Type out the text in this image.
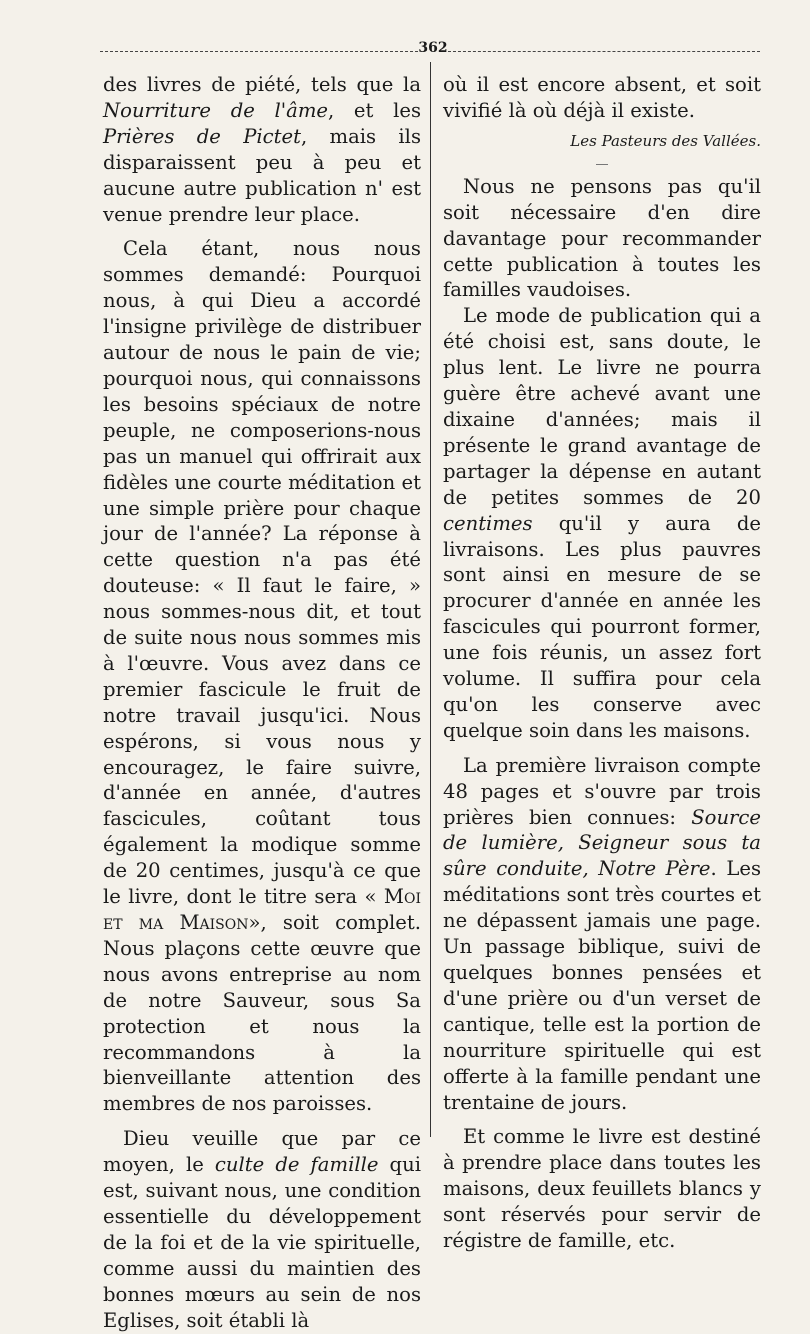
362

des livres de piété, tels que la Nourriture de l'âme, et les Prières de Pictet, mais ils disparaissent peu à peu et aucune autre publication n' est venue prendre leur place.

Cela étant, nous nous sommes demandé: Pourquoi nous, à qui Dieu a accordé l'insigne privilège de distribuer autour de nous le pain de vie; pourquoi nous, qui connaissons les besoins spéciaux de notre peuple, ne composerions-nous pas un manuel qui offrirait aux fidèles une courte méditation et une simple prière pour chaque jour de l'année? La réponse à cette question n'a pas été douteuse: « Il faut le faire, » nous sommes-nous dit, et tout de suite nous nous sommes mis à l'œuvre. Vous avez dans ce premier fascicule le fruit de notre travail jusqu'ici. Nous espérons, si vous nous y encouragez, le faire suivre, d'année en année, d'autres fascicules, coûtant tous également la modique somme de 20 centimes, jusqu'à ce que le livre, dont le titre sera « Moi et ma Maison», soit complet. Nous plaçons cette œuvre que nous avons entreprise au nom de notre Sauveur, sous Sa protection et nous la recommandons à la bienveillante attention des membres de nos paroisses.

Dieu veuille que par ce moyen, le culte de famille qui est, suivant nous, une condition essentielle du développement de la foi et de la vie spirituelle, comme aussi du maintien des bonnes mœurs au sein de nos Eglises, soit établi là

où il est encore absent, et soit vivifié là où déjà il existe.

Les Pasteurs des Vallées.

Nous ne pensons pas qu'il soit nécessaire d'en dire davantage pour recommander cette publication à toutes les familles vaudoises.

Le mode de publication qui a été choisi est, sans doute, le plus lent. Le livre ne pourra guère être achevé avant une dixaine d'années; mais il présente le grand avantage de partager la dépense en autant de petites sommes de 20 centimes qu'il y aura de livraisons. Les plus pauvres sont ainsi en mesure de se procurer d'année en année les fascicules qui pourront former, une fois réunis, un assez fort volume. Il suffira pour cela qu'on les conserve avec quelque soin dans les maisons.

La première livraison compte 48 pages et s'ouvre par trois prières bien connues: Source de lumière, Seigneur sous ta sûre conduite, Notre Père. Les méditations sont très courtes et ne dépassent jamais une page. Un passage biblique, suivi de quelques bonnes pensées et d'une prière ou d'un verset de cantique, telle est la portion de nourriture spirituelle qui est offerte à la famille pendant une trentaine de jours.

Et comme le livre est destiné à prendre place dans toutes les maisons, deux feuillets blancs y sont réservés pour servir de régistre de famille, etc.
